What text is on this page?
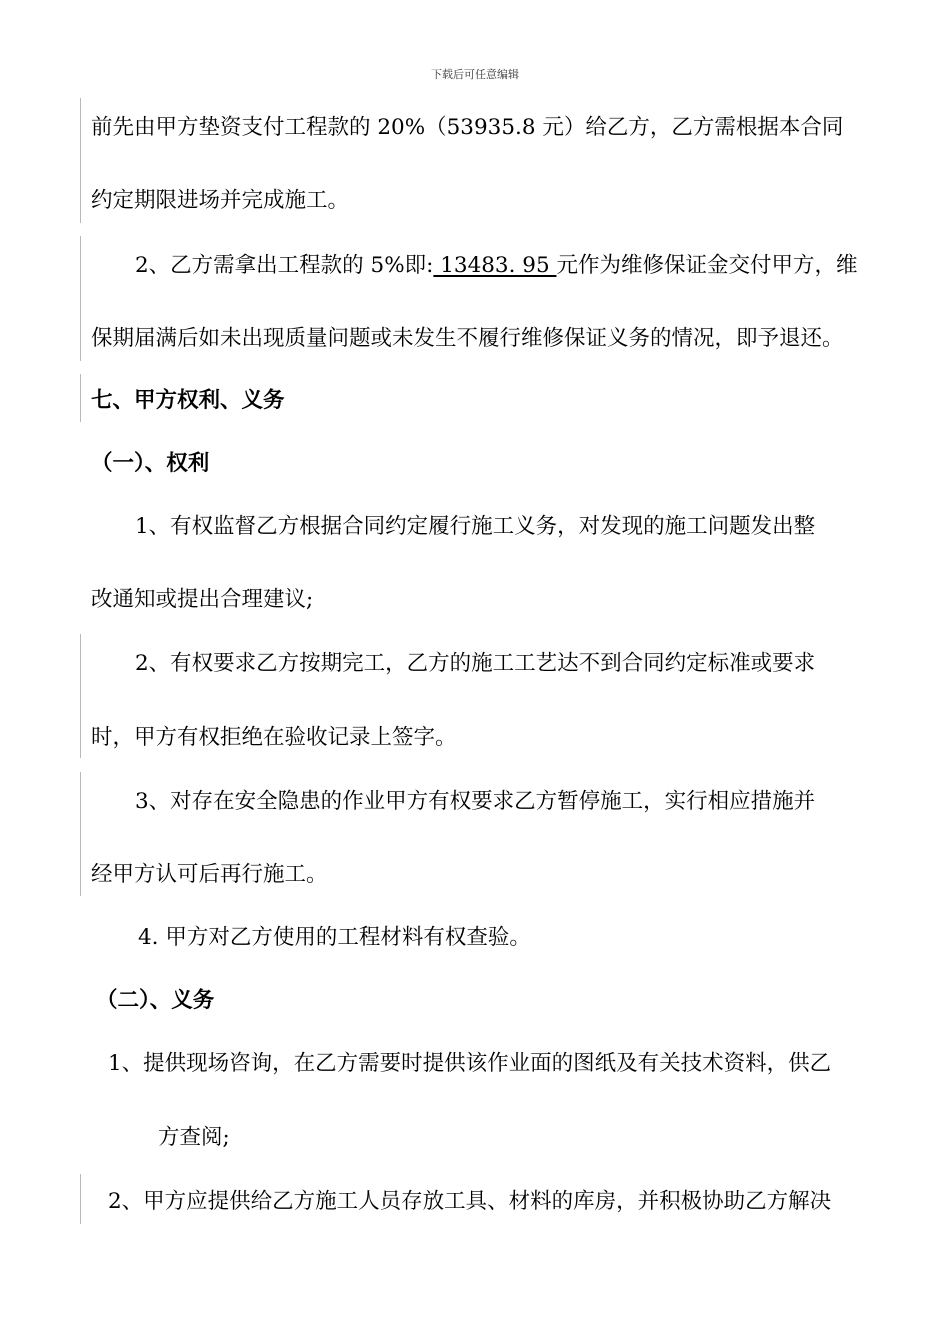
下载后可任意编辑
前先由甲方垫资支付工程款的 20%（53935.8 元）给乙方，乙方需根据本合同
约定期限进场并完成施工。
2、乙方需拿出工程款的 5%即: 13483. 95 元作为维修保证金交付甲方，维
保期届满后如未出现质量问题或未发生不履行维修保证义务的情况，即予退还。
七、甲方权利、义务
（一）、权利
1、有权监督乙方根据合同约定履行施工义务，对发现的施工问题发出整
改通知或提出合理建议;
2、有权要求乙方按期完工，乙方的施工工艺达不到合同约定标准或要求
时，甲方有权拒绝在验收记录上签字。
3、对存在安全隐患的作业甲方有权要求乙方暂停施工，实行相应措施并
经甲方认可后再行施工。
4. 甲方对乙方使用的工程材料有权查验。
（二）、义务
1、提供现场咨询，在乙方需要时提供该作业面的图纸及有关技术资料，供乙
方查阅;
2、甲方应提供给乙方施工人员存放工具、材料的库房，并积极协助乙方解决
